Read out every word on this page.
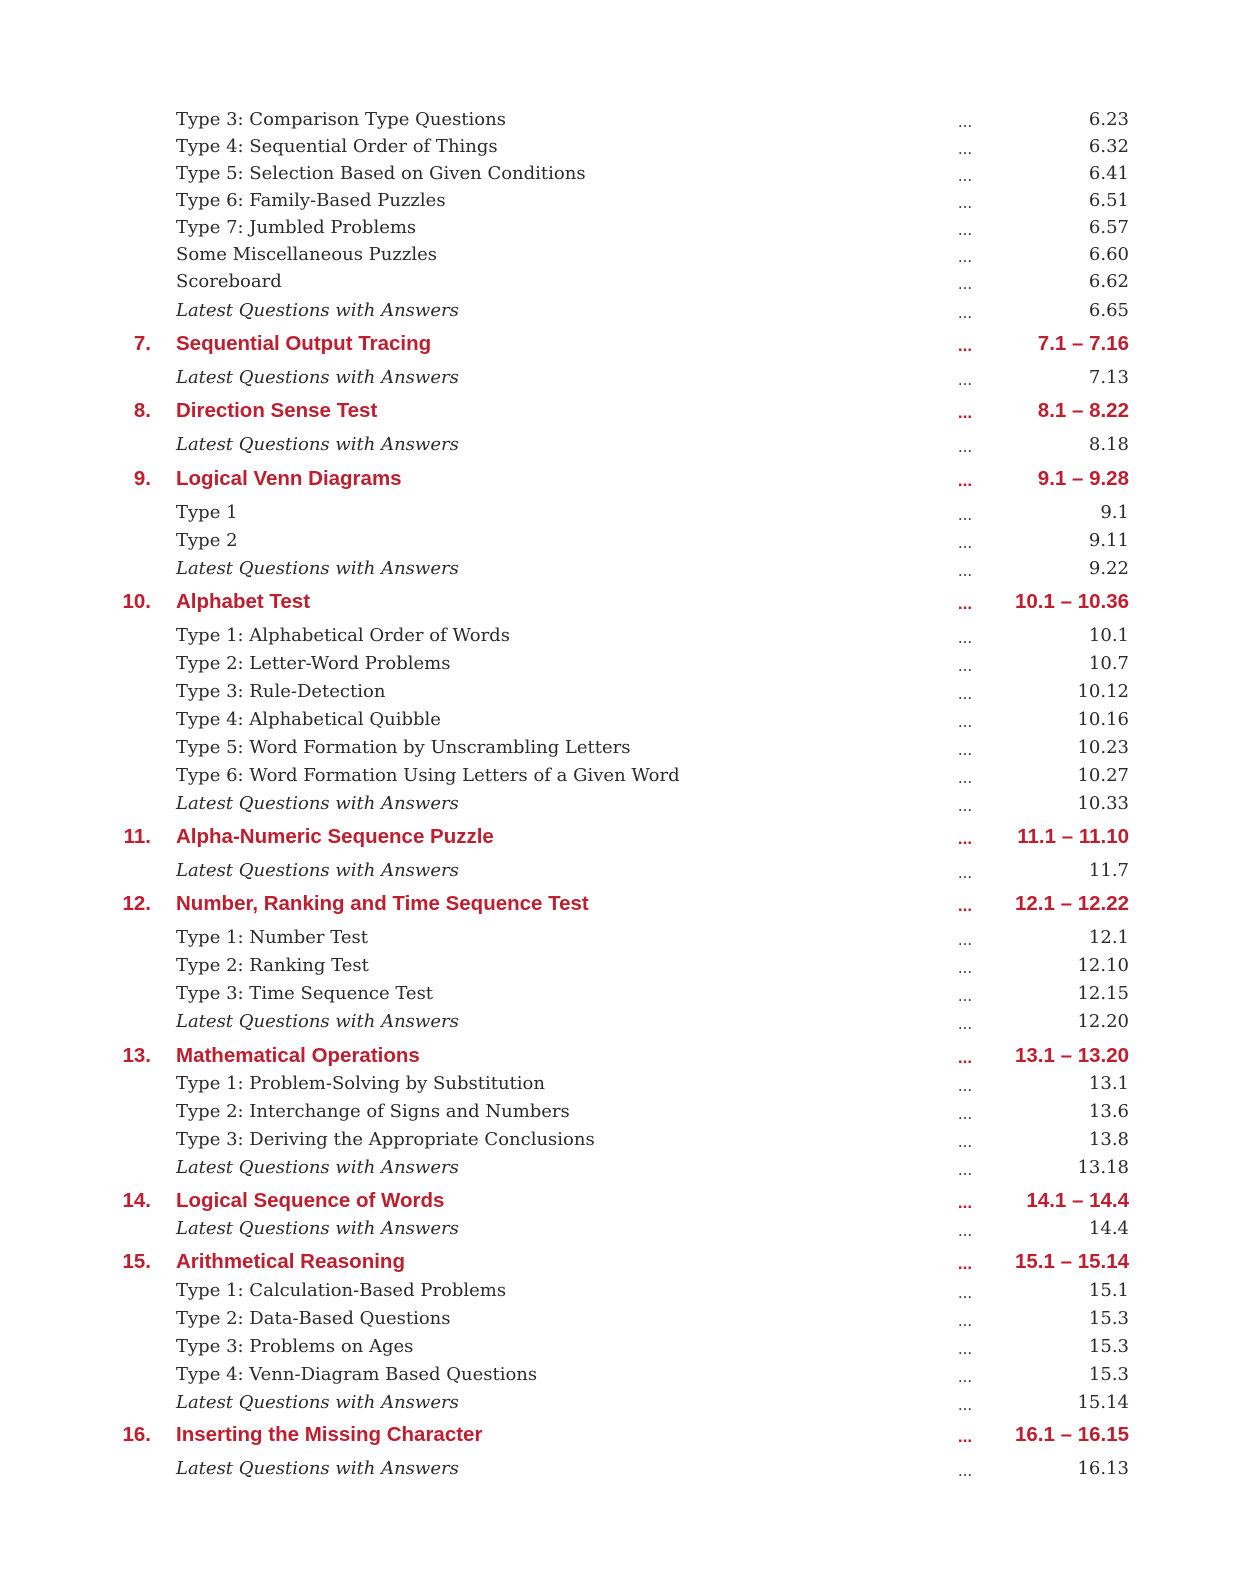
Type 3: Comparison Type Questions	...	6.23
Type 4: Sequential Order of Things	...	6.32
Type 5: Selection Based on Given Conditions	...	6.41
Type 6: Family-Based Puzzles	...	6.51
Type 7: Jumbled Problems	...	6.57
Some Miscellaneous Puzzles	...	6.60
Scoreboard	...	6.62
Latest Questions with Answers	...	6.65
7. Sequential Output Tracing	...	7.1 – 7.16
Latest Questions with Answers	...	7.13
8. Direction Sense Test	...	8.1 – 8.22
Latest Questions with Answers	...	8.18
9. Logical Venn Diagrams	...	9.1 – 9.28
Type 1	...	9.1
Type 2	...	9.11
Latest Questions with Answers	...	9.22
10. Alphabet Test	...	10.1 – 10.36
Type 1: Alphabetical Order of Words	...	10.1
Type 2: Letter-Word Problems	...	10.7
Type 3: Rule-Detection	...	10.12
Type 4: Alphabetical Quibble	...	10.16
Type 5: Word Formation by Unscrambling Letters	...	10.23
Type 6: Word Formation Using Letters of a Given Word	...	10.27
Latest Questions with Answers	...	10.33
11. Alpha-Numeric Sequence Puzzle	...	11.1 – 11.10
Latest Questions with Answers	...	11.7
12. Number, Ranking and Time Sequence Test	...	12.1 – 12.22
Type 1: Number Test	...	12.1
Type 2: Ranking Test	...	12.10
Type 3: Time Sequence Test	...	12.15
Latest Questions with Answers	...	12.20
13. Mathematical Operations	...	13.1 – 13.20
Type 1: Problem-Solving by Substitution	...	13.1
Type 2: Interchange of Signs and Numbers	...	13.6
Type 3: Deriving the Appropriate Conclusions	...	13.8
Latest Questions with Answers	...	13.18
14. Logical Sequence of Words	...	14.1 – 14.4
Latest Questions with Answers	...	14.4
15. Arithmetical Reasoning	...	15.1 – 15.14
Type 1: Calculation-Based Problems	...	15.1
Type 2: Data-Based Questions	...	15.3
Type 3: Problems on Ages	...	15.3
Type 4: Venn-Diagram Based Questions	...	15.3
Latest Questions with Answers	...	15.14
16. Inserting the Missing Character	...	16.1 – 16.15
Latest Questions with Answers	...	16.13
